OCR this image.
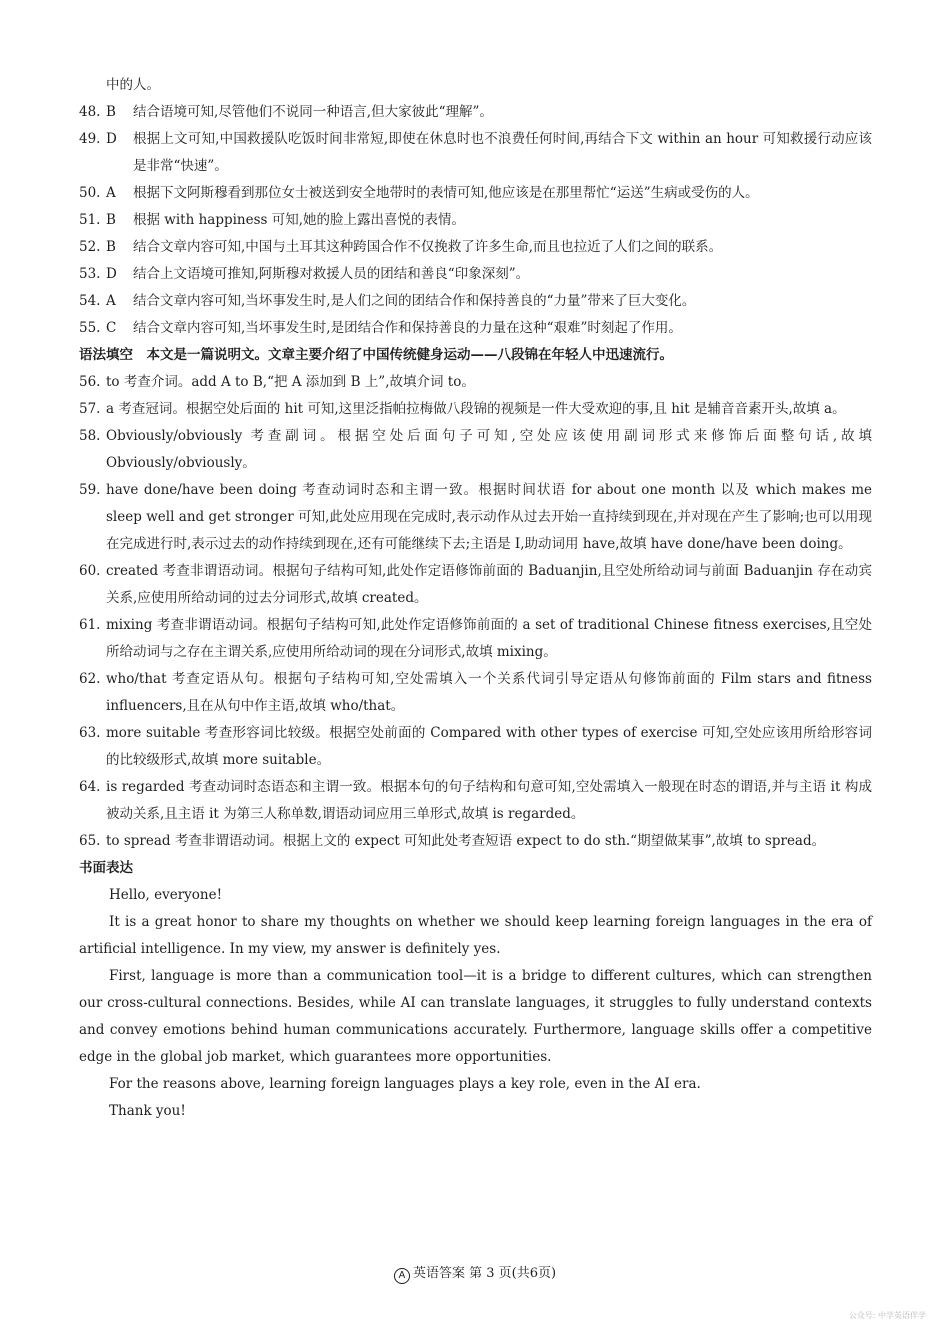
中的人。
48. B	结合语境可知,尽管他们不说同一种语言,但大家彼此“理解”。
49. D	根据上文可知,中国救援队吃饭时间非常短,即使在休息时也不浪费任何时间,再结合下文 within an hour 可知救援行动应该是非常“快速”。
50. A	根据下文阿斯穆看到那位女士被送到安全地带时的表情可知,他应该是在那里帮忙“运送”生病或受伤的人。
51. B	根据 with happiness 可知,她的脸上露出喜悦的表情。
52. B	结合文章内容可知,中国与土耳其这种跨国合作不仅挽救了许多生命,而且也拉近了人们之间的联系。
53. D	结合上文语境可推知,阿斯穆对救援人员的团结和善良“印象深刻”。
54. A	结合文章内容可知,当坏事发生时,是人们之间的团结合作和保持善良的“力量”带来了巨大变化。
55. C	结合文章内容可知,当坏事发生时,是团结合作和保持善良的力量在这种“艰难”时刻起了作用。
语法填空　本文是一篇说明文。文章主要介绍了中国传统健身运动——八段锦在年轻人中迅速流行。
56. to 考查介词。add A to B,“把 A 添加到 B 上”,故填介词 to。
57. a 考查冠词。根据空处后面的 hit 可知,这里泛指帕拉梅做八段锦的视频是一件大受欢迎的事,且 hit 是辅音音素开头,故填 a。
58. Obviously/obviously 考查副词。根据空处后面句子可知,空处应该使用副词形式来修饰后面整句话,故填 Obviously/obviously。
59. have done/have been doing 考查动词时态和主谓一致。根据时间状语 for about one month 以及 which makes me sleep well and get stronger 可知,此处应用现在完成时,表示动作从过去开始一直持续到现在,并对现在产生了影响;也可以用现在完成进行时,表示过去的动作持续到现在,还有可能继续下去;主语是 I,助动词用 have,故填 have done/have been doing。
60. created 考查非谓语动词。根据句子结构可知,此处作定语修饰前面的 Baduanjin,且空处所给动词与前面 Baduanjin 存在动宾关系,应使用所给动词的过去分词形式,故填 created。
61. mixing 考查非谓语动词。根据句子结构可知,此处作定语修饰前面的 a set of traditional Chinese fitness exercises,且空处所给动词与之存在主谓关系,应使用所给动词的现在分词形式,故填 mixing。
62. who/that 考查定语从句。根据句子结构可知,空处需填入一个关系代词引导定语从句修饰前面的 Film stars and fitness influencers,且在从句中作主语,故填 who/that。
63. more suitable 考查形容词比较级。根据空处前面的 Compared with other types of exercise 可知,空处应该用所给形容词的比较级形式,故填 more suitable。
64. is regarded 考查动词时态语态和主谓一致。根据本句的句子结构和句意可知,空处需填入一般现在时态的谓语,并与主语 it 构成被动关系,且主语 it 为第三人称单数,谓语动词应用三单形式,故填 is regarded。
65. to spread 考查非谓语动词。根据上文的 expect 可知此处考查短语 expect to do sth.“期望做某事”,故填 to spread。
书面表达

Hello, everyone!

It is a great honor to share my thoughts on whether we should keep learning foreign languages in the era of artificial intelligence. In my view, my answer is definitely yes.

First, language is more than a communication tool—it is a bridge to different cultures, which can strengthen our cross-cultural connections. Besides, while AI can translate languages, it struggles to fully understand contexts and convey emotions behind human communications accurately. Furthermore, language skills offer a competitive edge in the global job market, which guarantees more opportunities.

For the reasons above, learning foreign languages plays a key role, even in the AI era.

Thank you!

A 英语答案 第 3 页(共6页)
公众号: 中学英语伴学
